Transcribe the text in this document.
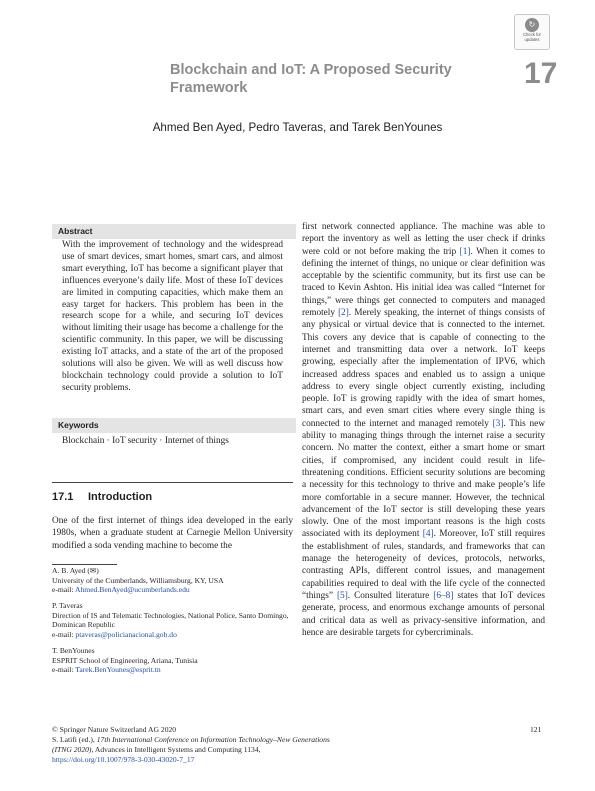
↻
Check for
updates
Blockchain and IoT: A Proposed Security Framework	17
Ahmed Ben Ayed, Pedro Taveras, and Tarek BenYounes
Abstract
With the improvement of technology and the widespread use of smart devices, smart homes, smart cars, and almost smart everything, IoT has become a significant player that influences everyone’s daily life. Most of these IoT devices are limited in computing capacities, which make them an easy target for hackers. This problem has been in the research scope for a while, and securing IoT devices without limiting their usage has become a challenge for the scientific community. In this paper, we will be discussing existing IoT attacks, and a state of the art of the proposed solutions will also be given. We will as well discuss how blockchain technology could provide a solution to IoT security problems.
Keywords
Blockchain · IoT security · Internet of things
17.1 Introduction
One of the first internet of things idea developed in the early 1980s, when a graduate student at Carnegie Mellon University modified a soda vending machine to become the
A. B. Ayed (✉)
University of the Cumberlands, Williamsburg, KY, USA
e-mail: Ahmed.BenAyed@ucumberlands.edu
P. Taveras
Direction of IS and Telematic Technologies, National Police, Santo Domingo, Dominican Republic
e-mail: ptaveras@policianacional.gob.do
T. BenYounes
ESPRIT School of Engineering, Ariana, Tunisia
e-mail: Tarek.BenYounes@esprit.tn
first network connected appliance. The machine was able to report the inventory as well as letting the user check if drinks were cold or not before making the trip [1]. When it comes to defining the internet of things, no unique or clear definition was acceptable by the scientific community, but its first use can be traced to Kevin Ashton. His initial idea was called “Internet for things,” were things get connected to computers and managed remotely [2]. Merely speaking, the internet of things consists of any physical or virtual device that is connected to the internet. This covers any device that is capable of connecting to the internet and transmitting data over a network. IoT keeps growing, especially after the implementation of IPV6, which increased address spaces and enabled us to assign a unique address to every single object currently existing, including people. IoT is growing rapidly with the idea of smart homes, smart cars, and even smart cities where every single thing is connected to the internet and managed remotely [3]. This new ability to managing things through the internet raise a security concern. No matter the context, either a smart home or smart cities, if compromised, any incident could result in life-threatening conditions. Efficient security solutions are becoming a necessity for this technology to thrive and make people’s life more comfortable in a secure manner. However, the technical advancement of the IoT sector is still developing these years slowly. One of the most important reasons is the high costs associated with its deployment [4]. Moreover, IoT still requires the establishment of rules, standards, and frameworks that can manage the heterogeneity of devices, protocols, networks, contrasting APIs, different control issues, and management capabilities required to deal with the life cycle of the connected “things” [5]. Consulted literature [6–8] states that IoT devices generate, process, and enormous exchange amounts of personal and critical data as well as privacy-sensitive information, and hence are desirable targets for cybercriminals.
© Springer Nature Switzerland AG 2020
S. Latifi (ed.), 17th International Conference on Information Technology–New Generations
(ITNG 2020), Advances in Intelligent Systems and Computing 1134,
https://doi.org/10.1007/978-3-030-43020-7_17
121
